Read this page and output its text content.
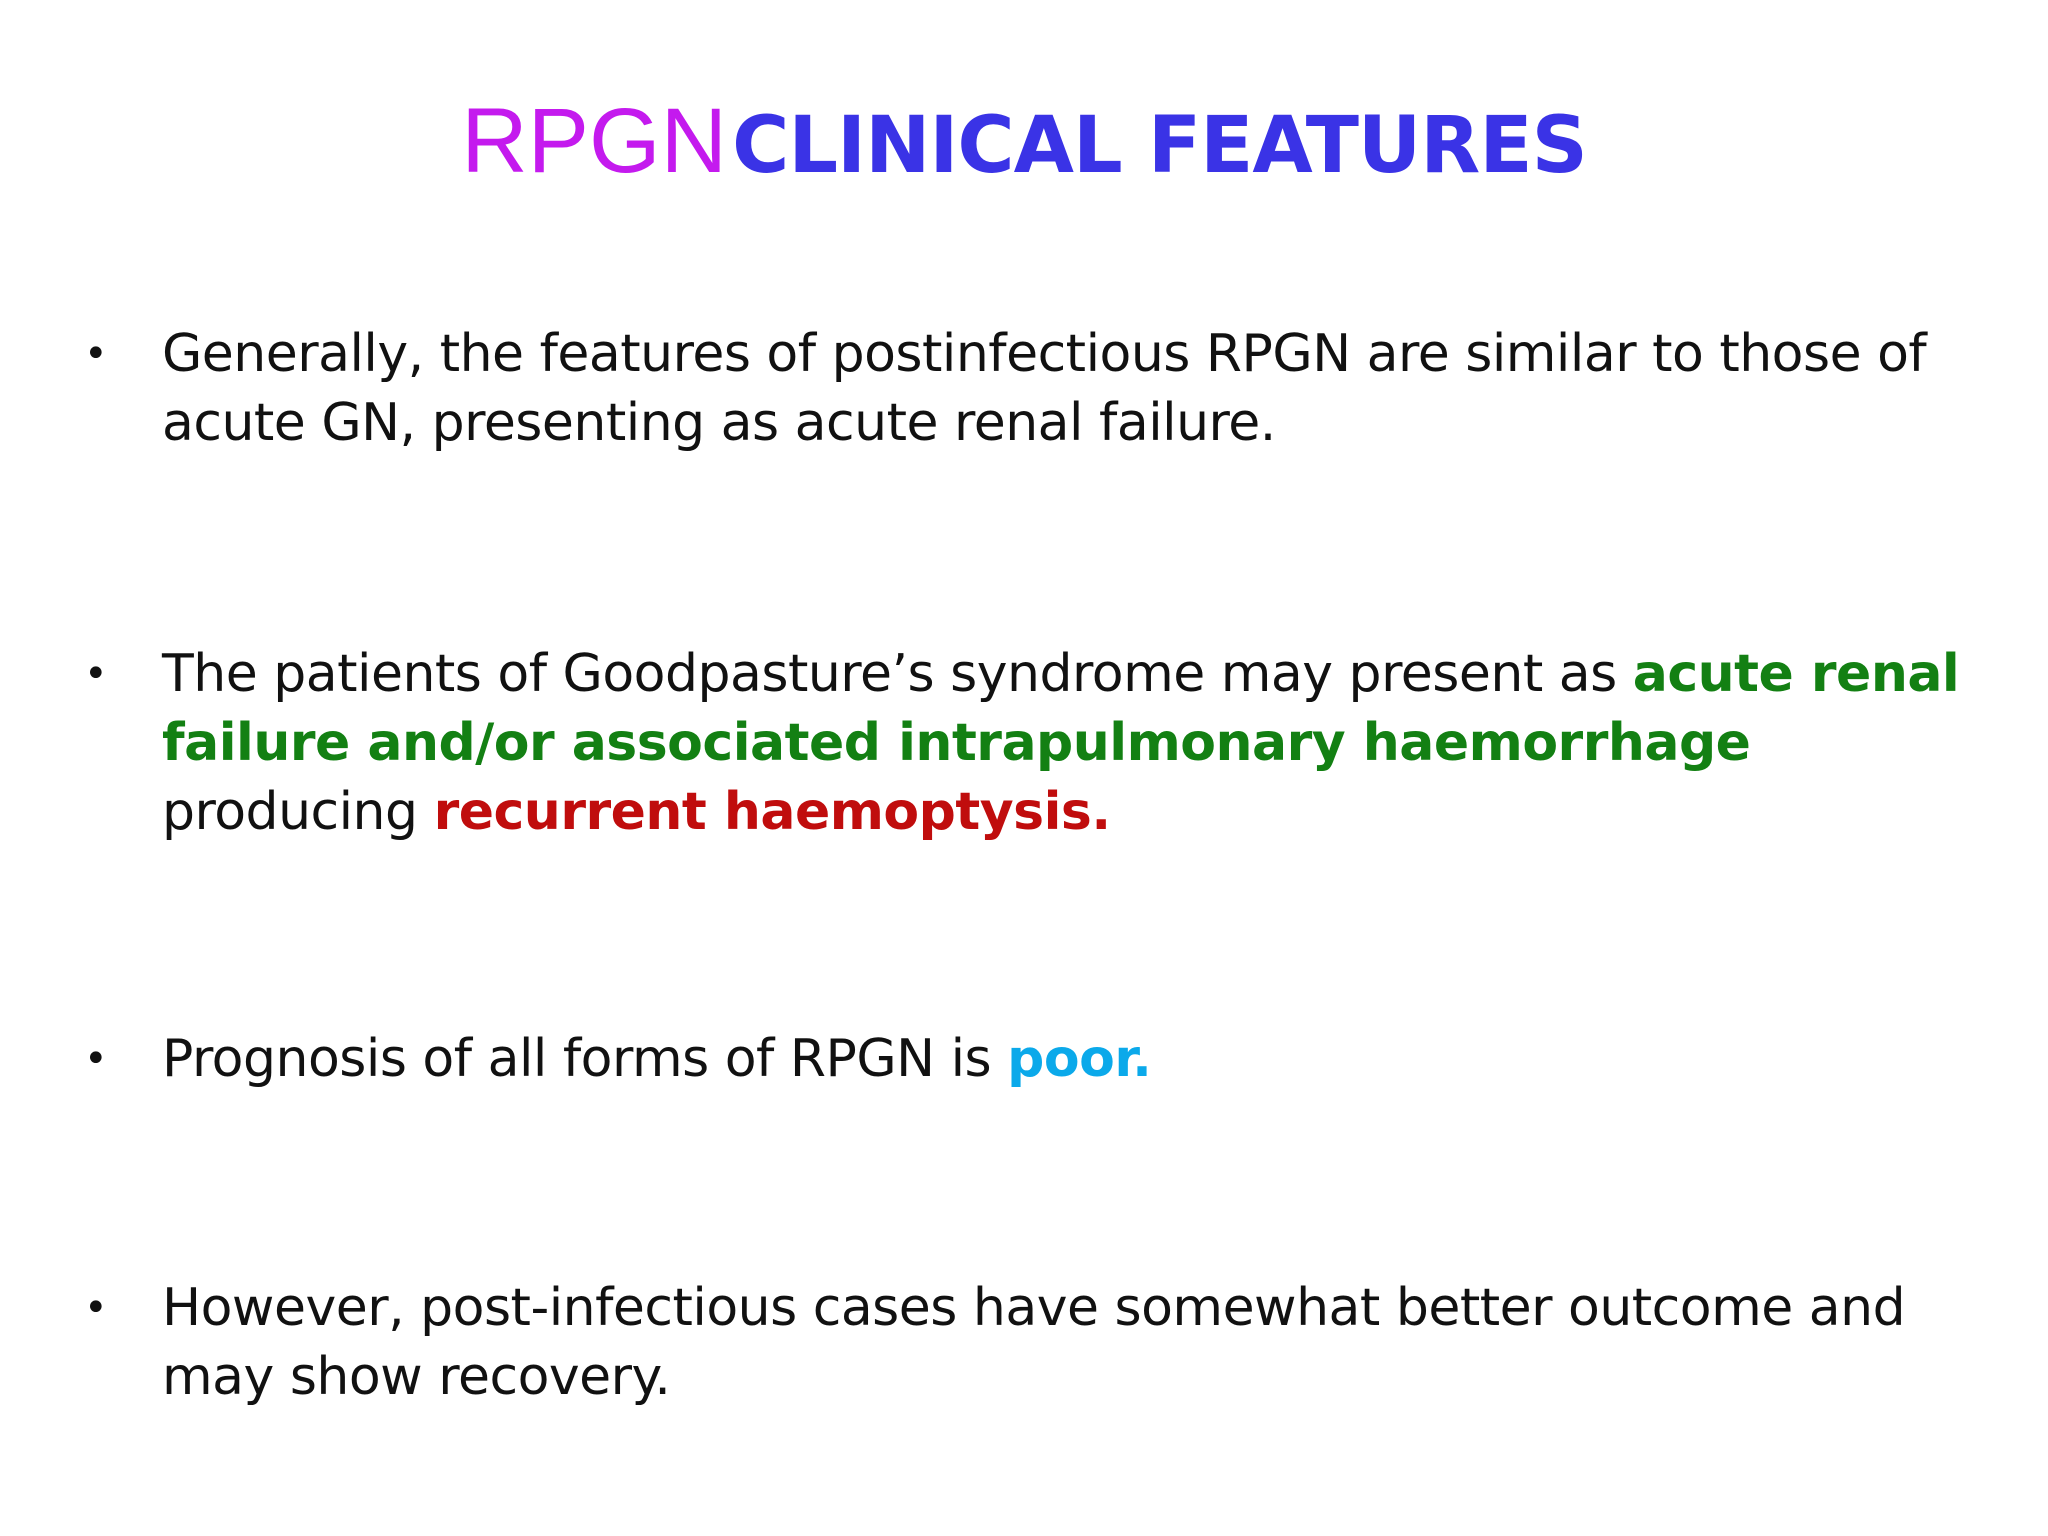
RPGN CLINICAL FEATURES
•	Generally, the features of postinfectious RPGN are similar to those of
acute GN, presenting as acute renal failure.
•	The patients of Goodpasture’s syndrome may present as acute renal
failure and/or associated intrapulmonary haemorrhage
producing recurrent haemoptysis.
•	Prognosis of all forms of RPGN is poor.
•	However, post-infectious cases have somewhat better outcome and
may show recovery.
